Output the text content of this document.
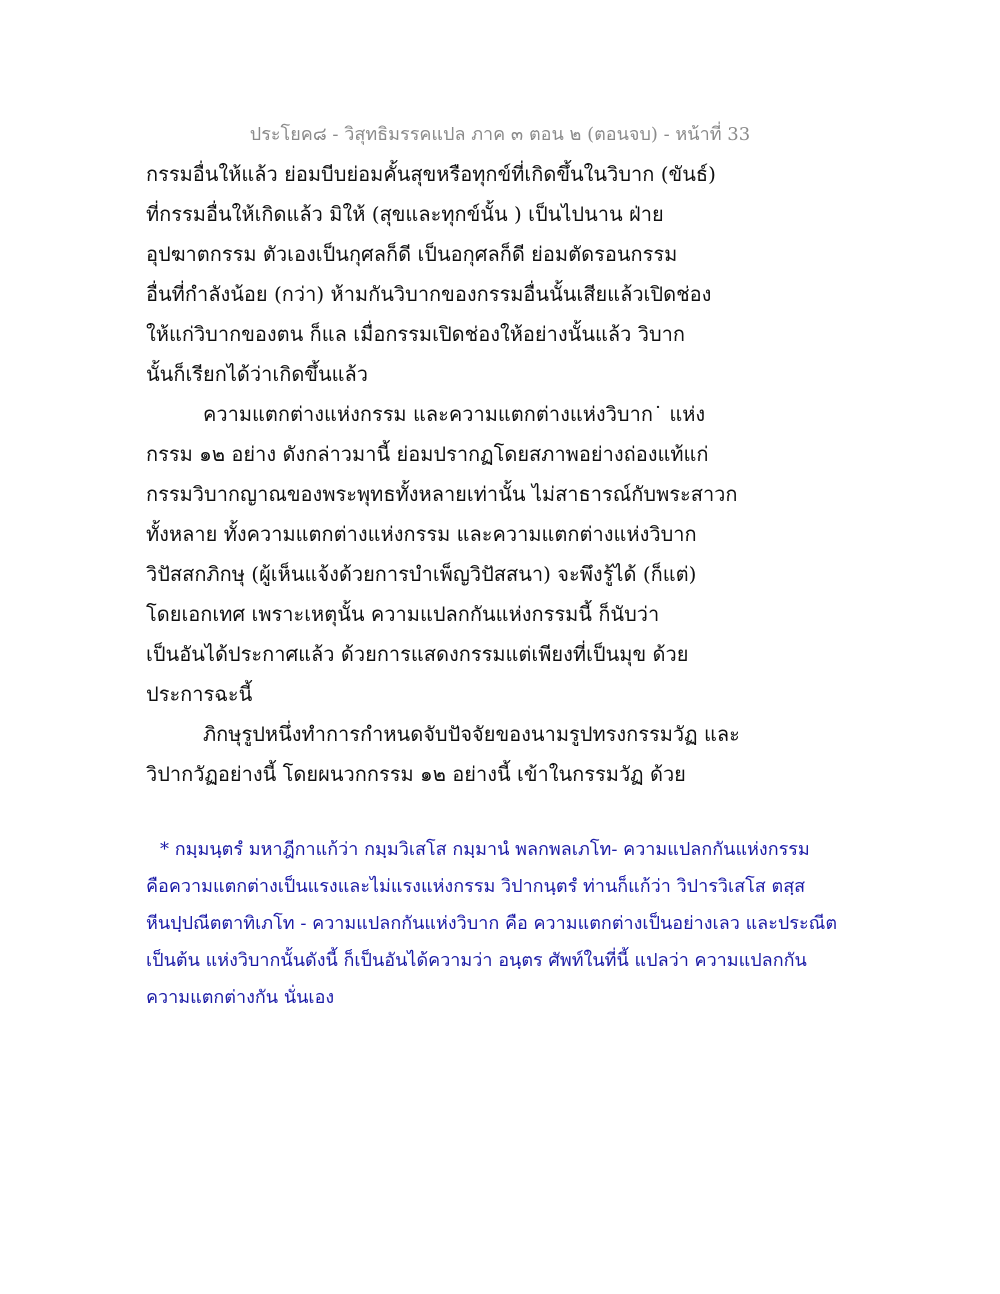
ประโยค๘ - วิสุทธิมรรคแปล ภาค ๓ ตอน ๒ (ตอนจบ) - หน้าที่ 33
กรรมอื่นให้แล้ว ย่อมบีบย่อมคั้นสุขหรือทุกข์ที่เกิดขึ้นในวิบาก (ขันธ์)
ที่กรรมอื่นให้เกิดแล้ว มิให้ (สุขและทุกข์นั้น ) เป็นไปนาน ฝ่าย
อุปฆาตกรรม ตัวเองเป็นกุศลก็ดี เป็นอกุศลก็ดี ย่อมตัดรอนกรรม
อื่นที่กำลังน้อย (กว่า) ห้ามกันวิบากของกรรมอื่นนั้นเสียแล้วเปิดช่อง
ให้แก่วิบากของตน ก็แล เมื่อกรรมเปิดช่องให้อย่างนั้นแล้ว วิบาก
นั้นก็เรียกได้ว่าเกิดขึ้นแล้ว
ความแตกต่างแห่งกรรม และความแตกต่างแห่งวิบาก˙ แห่ง
กรรม ๑๒ อย่าง ดังกล่าวมานี้ ย่อมปรากฏโดยสภาพอย่างถ่องแท้แก่
กรรมวิบากญาณของพระพุทธทั้งหลายเท่านั้น ไม่สาธารณ์กับพระสาวก
ทั้งหลาย ทั้งความแตกต่างแห่งกรรม และความแตกต่างแห่งวิบาก
วิปัสสกภิกษุ (ผู้เห็นแจ้งด้วยการบำเพ็ญวิปัสสนา) จะพึงรู้ได้ (ก็แต่)
โดยเอกเทศ เพราะเหตุนั้น ความแปลกกันแห่งกรรมนี้ ก็นับว่า
เป็นอันได้ประกาศแล้ว ด้วยการแสดงกรรมแต่เพียงที่เป็นมุข ด้วย
ประการฉะนี้
ภิกษุรูปหนึ่งทำการกำหนดจับปัจจัยของนามรูปทรงกรรมวัฏ และ
วิปากวัฏอย่างนี้ โดยผนวกกรรม ๑๒ อย่างนี้ เข้าในกรรมวัฏ ด้วย
* กมฺมนฺตรํ มหาฎีกาแก้ว่า กมฺมวิเสโส กมฺมานํ พลกพลเภโท- ความแปลกกันแห่งกรรม
คือความแตกต่างเป็นแรงและไม่แรงแห่งกรรม วิปากนฺตรํ ท่านก็แก้ว่า วิปารวิเสโส ตสฺส
หีนปฺปณีตตาทิเภโท - ความแปลกกันแห่งวิบาก คือ ความแตกต่างเป็นอย่างเลว และประณีต
เป็นต้น แห่งวิบากนั้นดังนี้ ก็เป็นอันได้ความว่า อนฺตร ศัพท์ในที่นี้ แปลว่า ความแปลกกัน
ความแตกต่างกัน นั่นเอง
